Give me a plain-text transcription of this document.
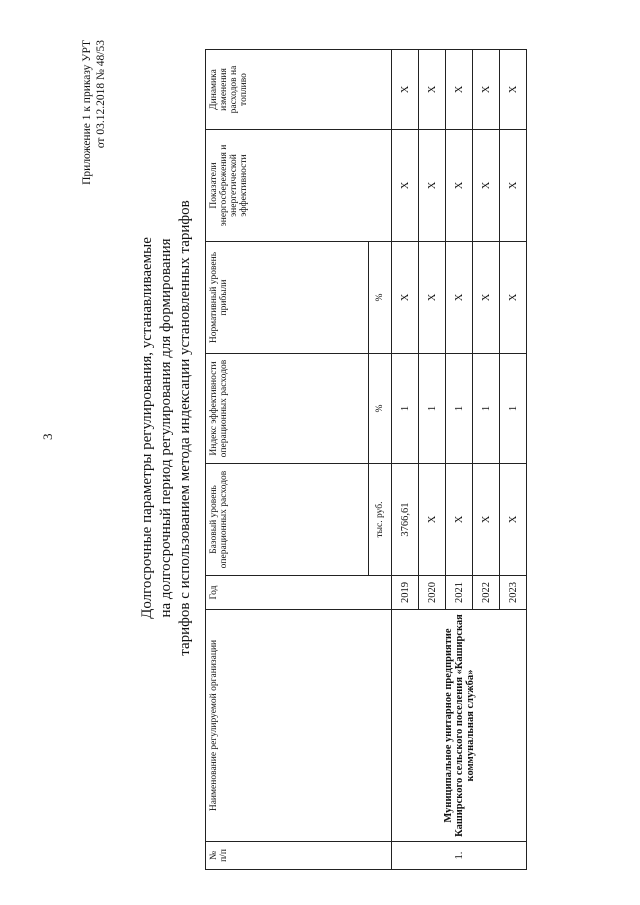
3
Приложение 1 к приказу УРТ от 03.12.2018 № 48/53
Долгосрочные параметры регулирования, устанавливаемые на долгосрочный период регулирования для формирования тарифов с использованием метода индексации установленных тарифов
№ п/п	Наименование регулируемой организации	Год	Базовый уровень операционных расходов	Индекс эффективности операционных расходов	Нормативный уровень прибыли	Показатели энергосбережения и энергетической эффективности	Динамика изменения расходов на топливо
			тыс. руб.	%	%		
1.	Муниципальное унитарное предприятие Каширского сельского поселения «Каширская коммунальная служба»	2019	3766,61	1	Х	Х	Х
		2020	Х	1	Х	Х	Х
		2021	Х	1	Х	Х	Х
		2022	Х	1	Х	Х	Х
		2023	Х	1	Х	Х	Х
